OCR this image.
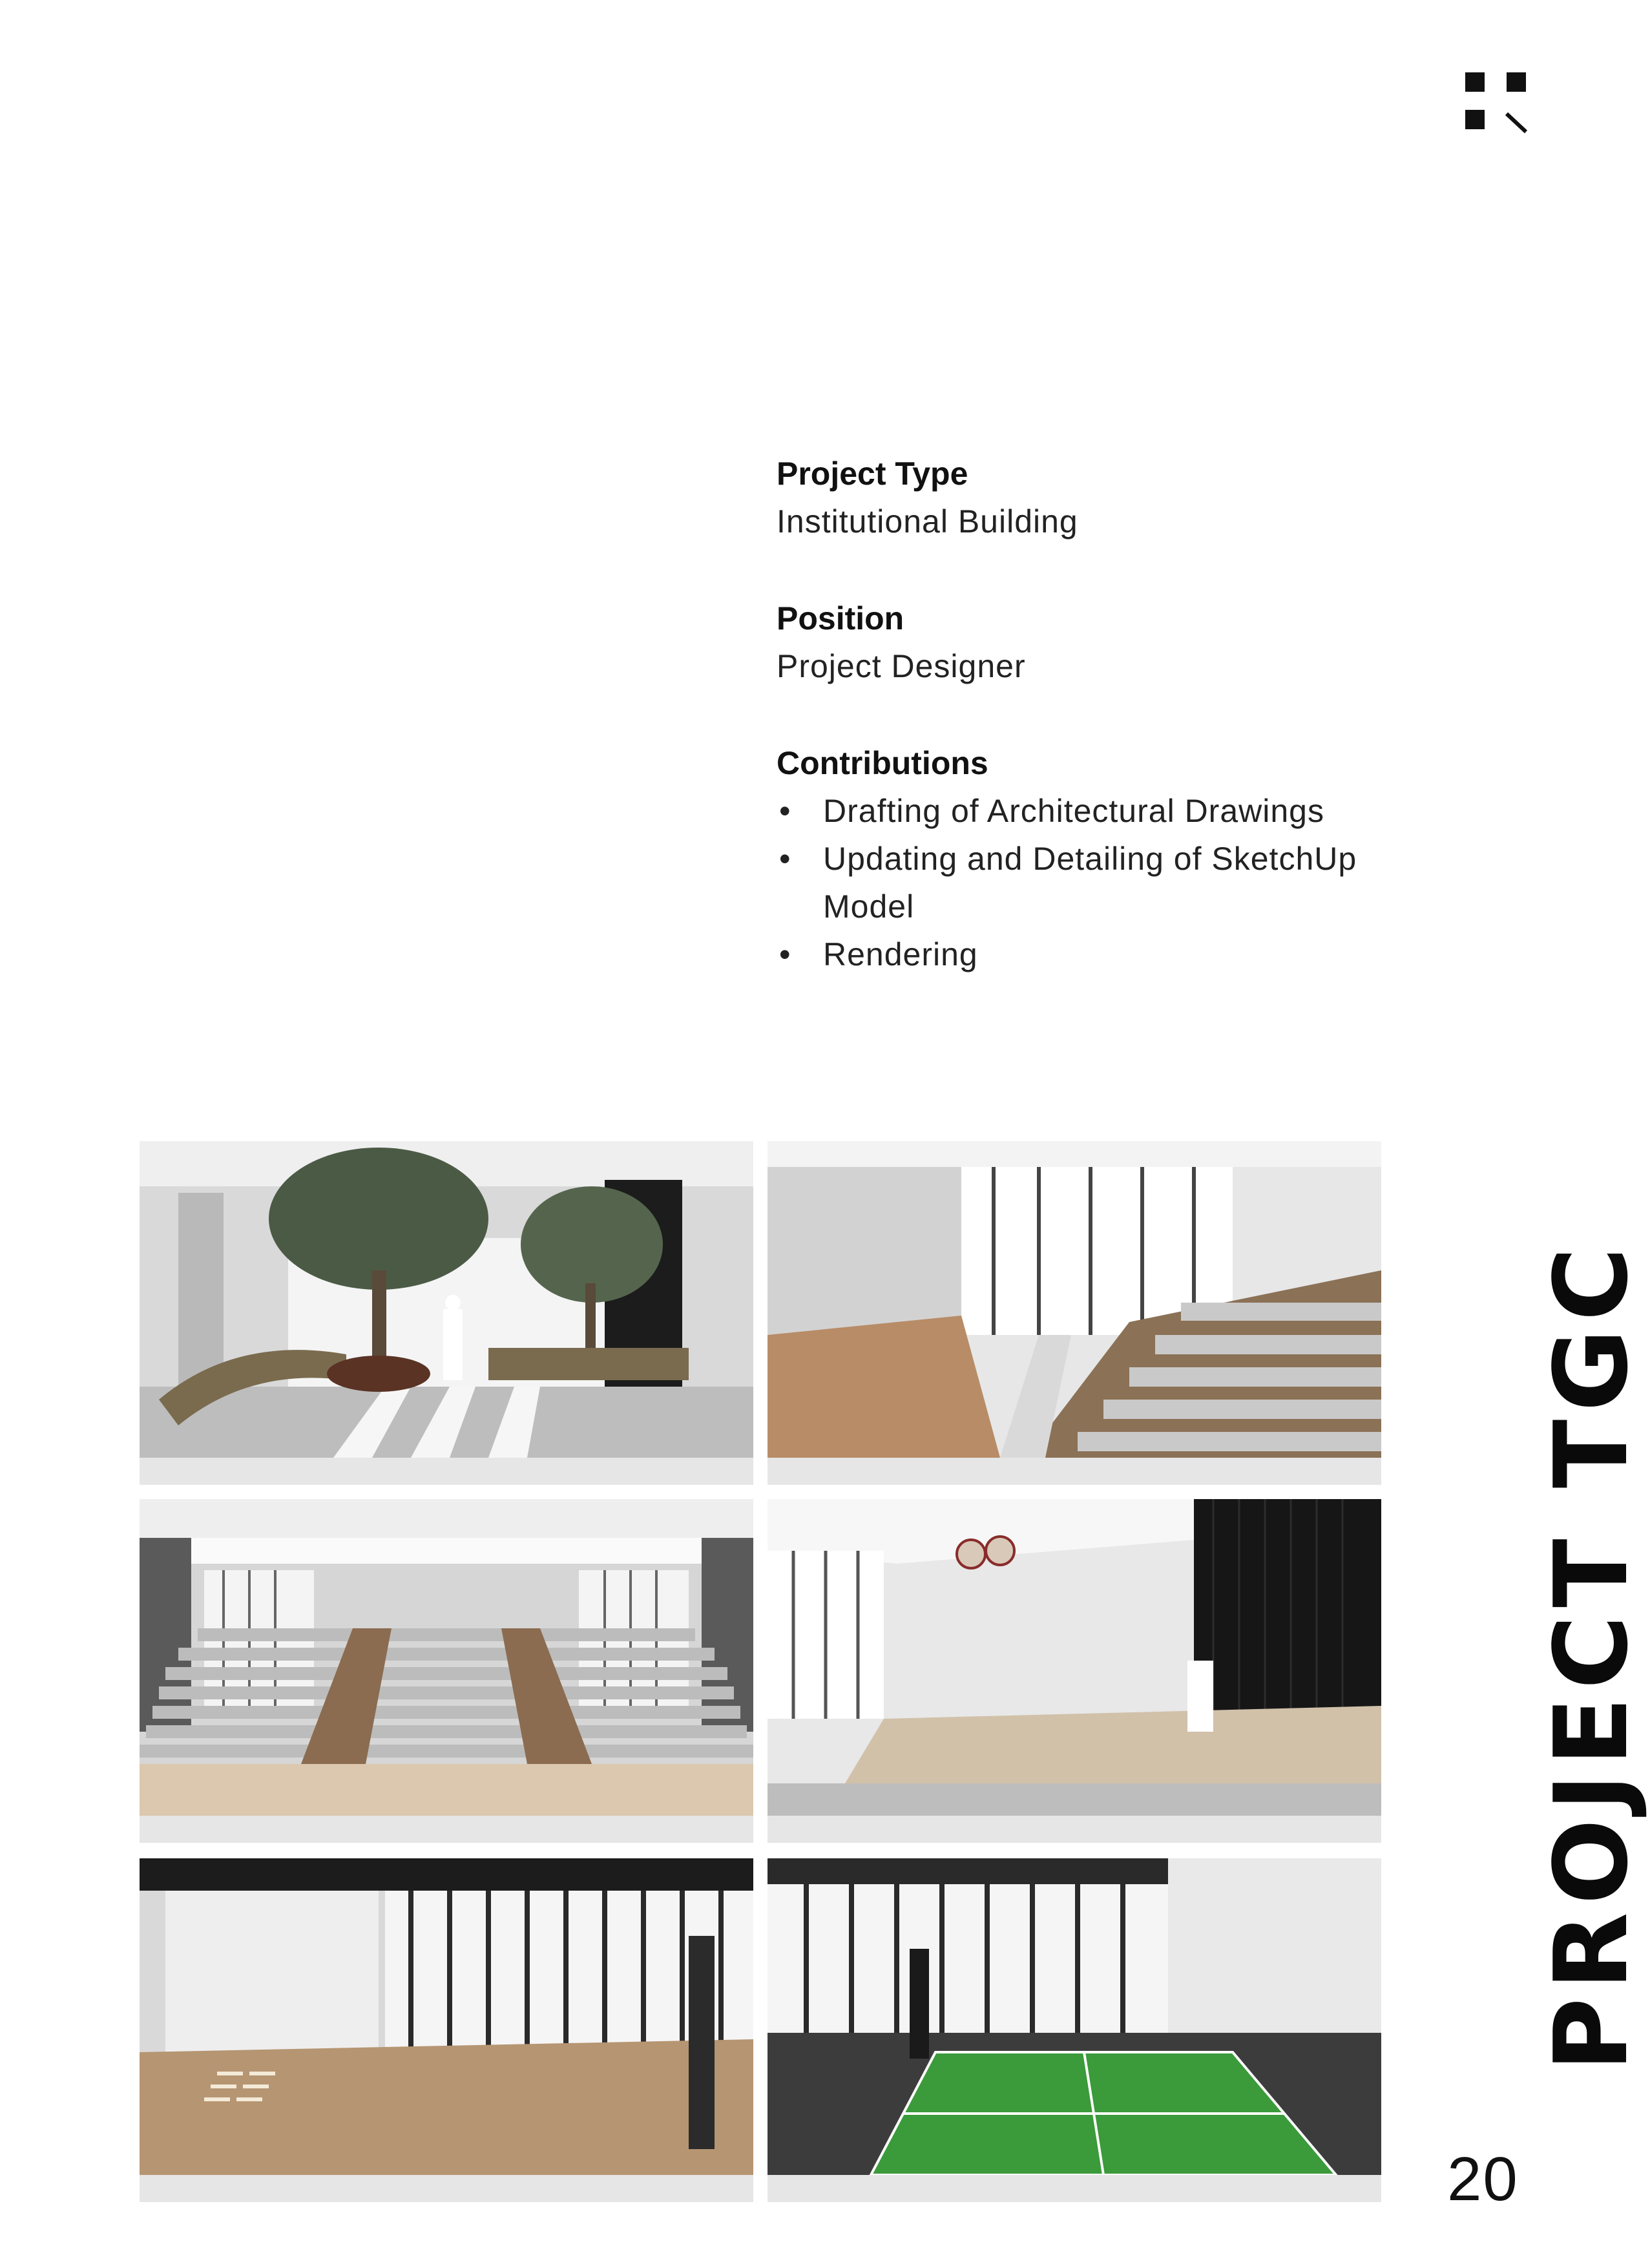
Project Type

Institutional Building

Position

Project Designer

Contributions
• Drafting of Architectural Drawings
• Updating and Detailing of SketchUp Model
• Rendering
PROJECT TGC
20
